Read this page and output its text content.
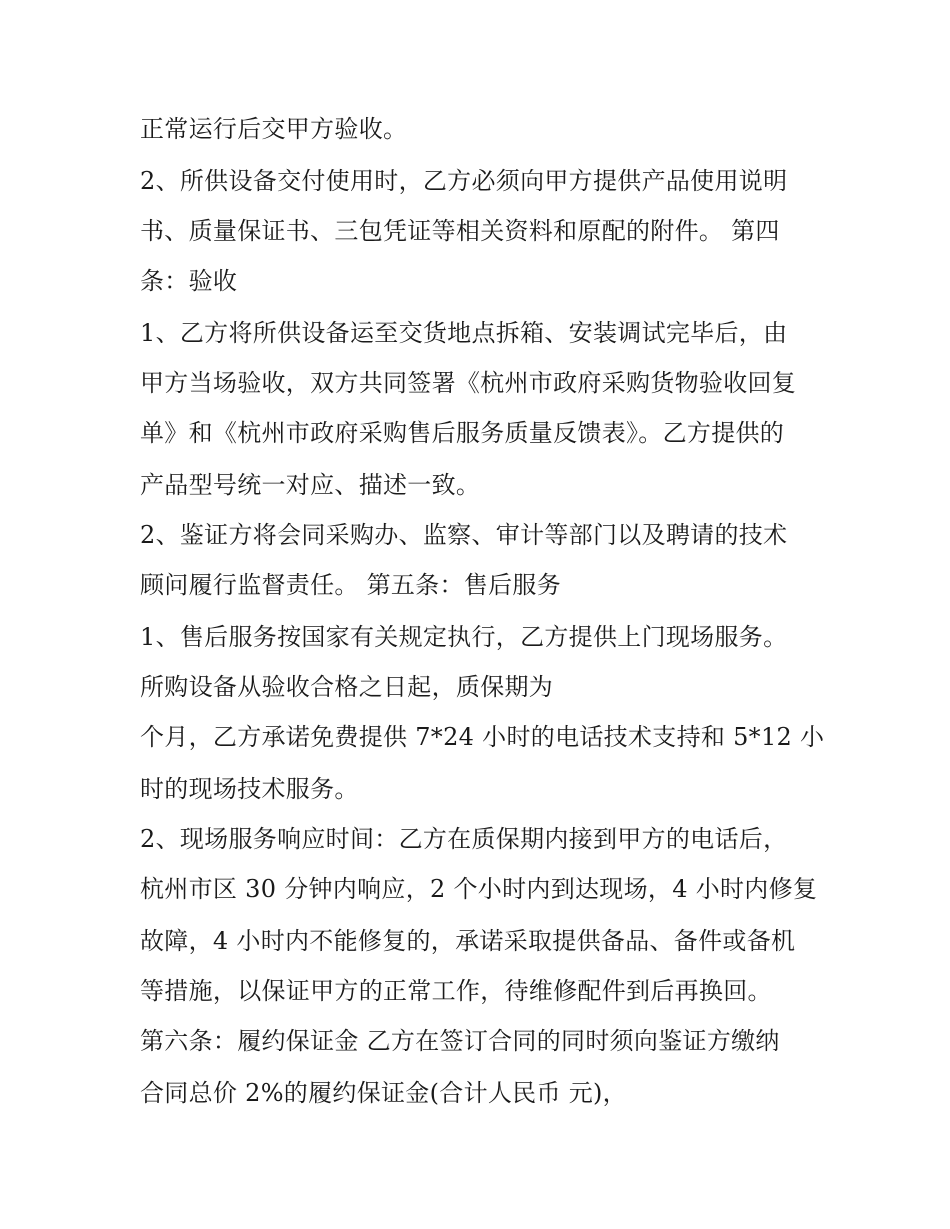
正常运行后交甲方验收。
2、所供设备交付使用时，乙方必须向甲方提供产品使用说明
书、质量保证书、三包凭证等相关资料和原配的附件。 第四
条：验收
1、乙方将所供设备运至交货地点拆箱、安装调试完毕后，由
甲方当场验收，双方共同签署《杭州市政府采购货物验收回复
单》和《杭州市政府采购售后服务质量反馈表》。乙方提供的
产品型号统一对应、描述一致。
2、鉴证方将会同采购办、监察、审计等部门以及聘请的技术
顾问履行监督责任。 第五条：售后服务
1、售后服务按国家有关规定执行，乙方提供上门现场服务。
所购设备从验收合格之日起，质保期为
个月，乙方承诺免费提供 7*24 小时的电话技术支持和 5*12 小
时的现场技术服务。
2、现场服务响应时间：乙方在质保期内接到甲方的电话后，
杭州市区 30 分钟内响应，2 个小时内到达现场，4 小时内修复
故障，4 小时内不能修复的，承诺采取提供备品、备件或备机
等措施，以保证甲方的正常工作，待维修配件到后再换回。
第六条：履约保证金 乙方在签订合同的同时须向鉴证方缴纳
合同总价 2%的履约保证金(合计人民币 元)，
